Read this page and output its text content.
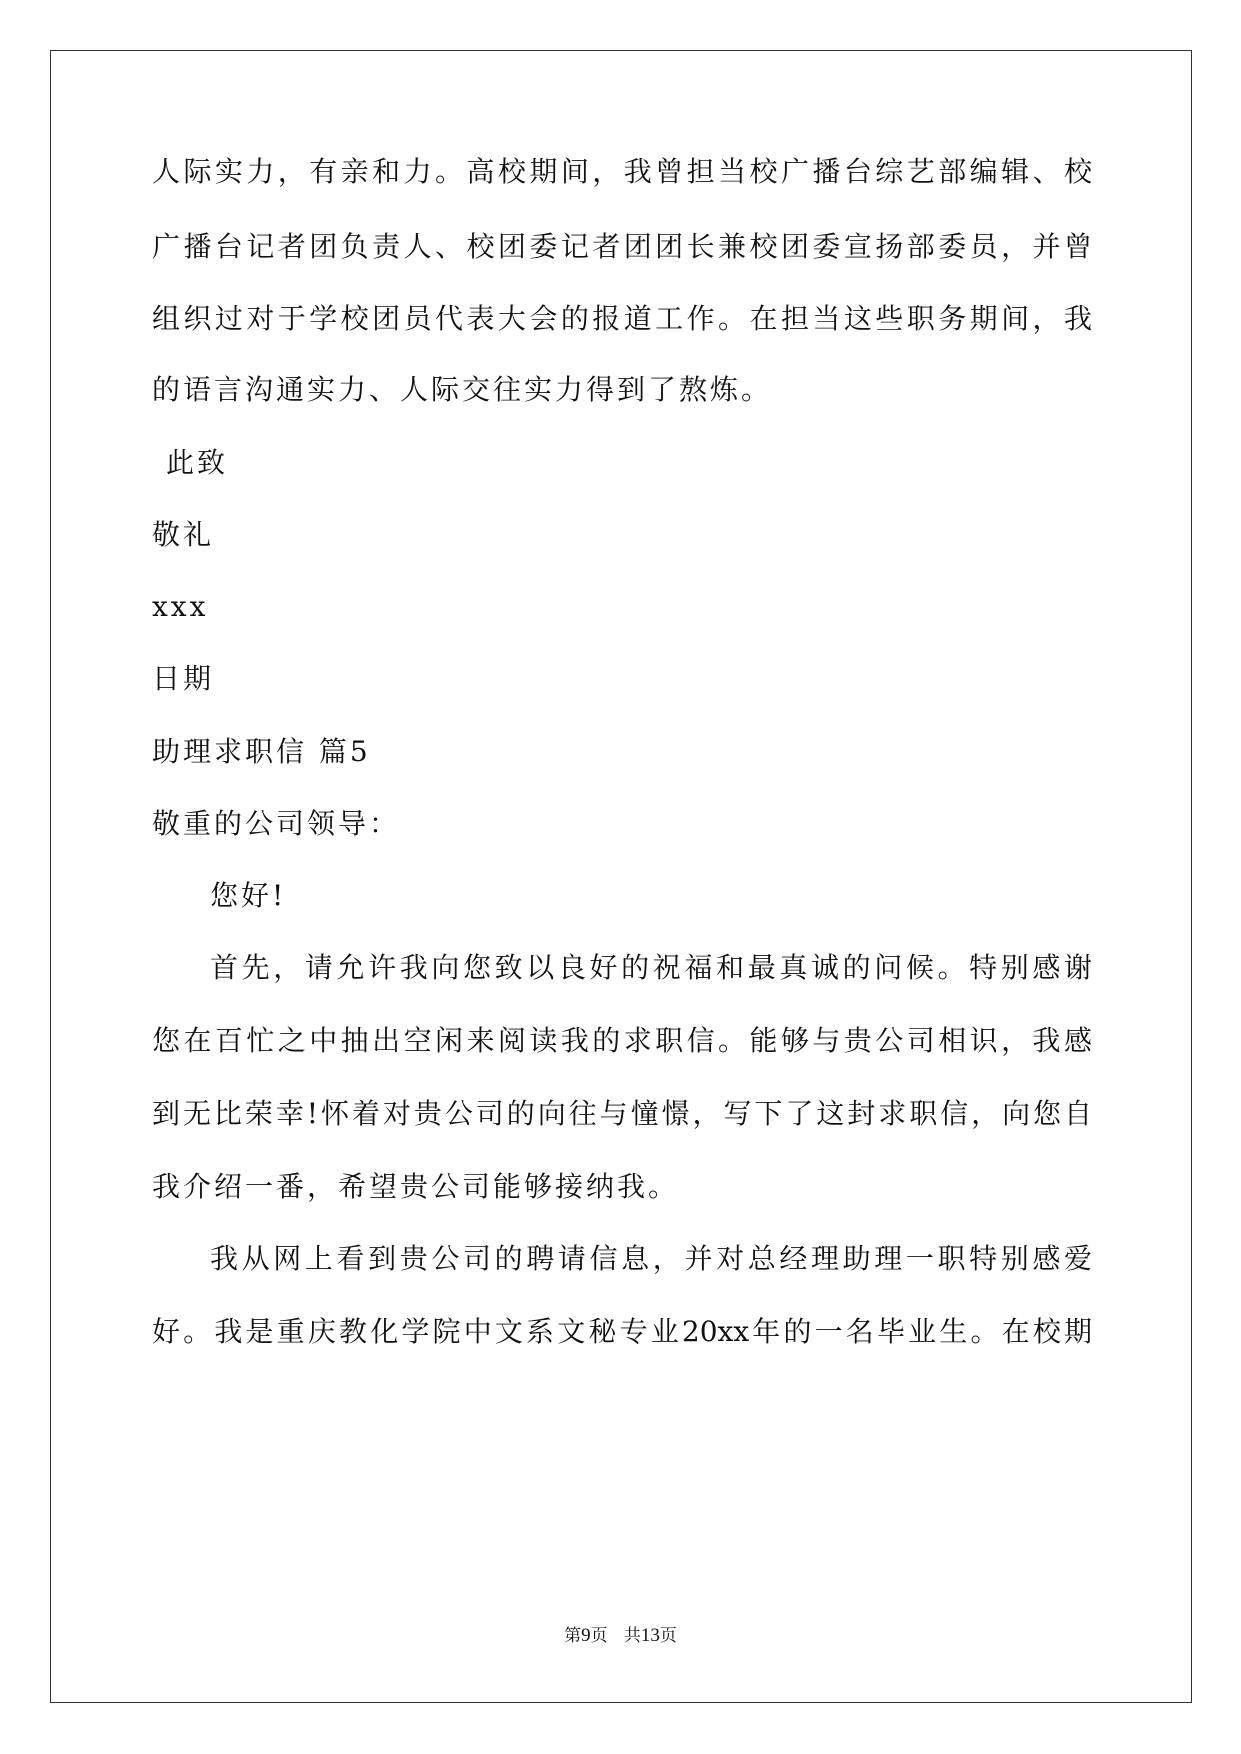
人际实力，有亲和力。高校期间，我曾担当校广播台综艺部编辑、校
广播台记者团负责人、校团委记者团团长兼校团委宣扬部委员，并曾
组织过对于学校团员代表大会的报道工作。在担当这些职务期间，我
的语言沟通实力、人际交往实力得到了熬炼。
此致
敬礼
xxx
日期
助理求职信 篇5
敬重的公司领导：
您好!
首先，请允许我向您致以良好的祝福和最真诚的问候。特别感谢
您在百忙之中抽出空闲来阅读我的求职信。能够与贵公司相识，我感
到无比荣幸!怀着对贵公司的向往与憧憬，写下了这封求职信，向您自
我介绍一番，希望贵公司能够接纳我。
我从网上看到贵公司的聘请信息，并对总经理助理一职特别感爱
好。我是重庆教化学院中文系文秘专业20xx年的一名毕业生。在校期
第9页 共13页
